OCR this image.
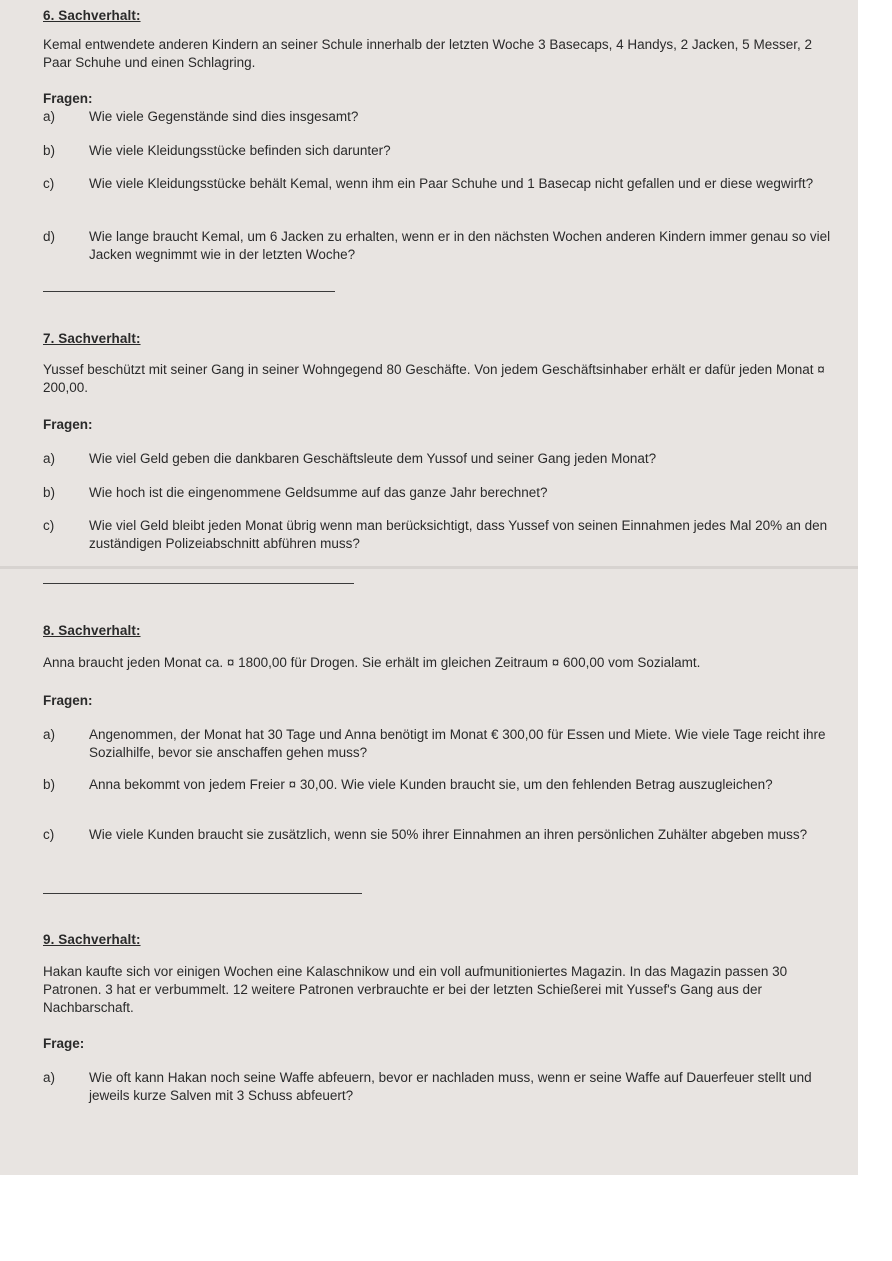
6. Sachverhalt:
Kemal entwendete anderen Kindern an seiner Schule innerhalb der letzten Woche 3 Basecaps, 4 Handys, 2 Jacken, 5 Messer, 2 Paar Schuhe und einen Schlagring.
Fragen:
a)	Wie viele Gegenstände sind dies insgesamt?
b)	Wie viele Kleidungsstücke befinden sich darunter?
c)	Wie viele Kleidungsstücke behält Kemal, wenn ihm ein Paar Schuhe und 1 Basecap nicht gefallen und er diese wegwirft?
d)	Wie lange braucht Kemal, um 6 Jacken zu erhalten, wenn er in den nächsten Wochen anderen Kindern immer genau so viel Jacken wegnimmt wie in der letzten Woche?
7. Sachverhalt:
Yussef beschützt mit seiner Gang in seiner Wohngegend 80 Geschäfte. Von jedem Geschäftsinhaber erhält er dafür jeden Monat ¤ 200,00.
Fragen:
a)	Wie viel Geld geben die dankbaren Geschäftsleute dem Yussof und seiner Gang jeden Monat?
b)	Wie hoch ist die eingenommene Geldsumme auf das ganze Jahr berechnet?
c)	Wie viel Geld bleibt jeden Monat übrig wenn man berücksichtigt, dass Yussef von seinen Einnahmen jedes Mal 20% an den zuständigen Polizeiabschnitt abführen muss?
8. Sachverhalt:
Anna braucht jeden Monat ca. ¤ 1800,00 für Drogen. Sie erhält im gleichen Zeitraum ¤ 600,00 vom Sozialamt.
Fragen:
a)	Angenommen, der Monat hat 30 Tage und Anna benötigt im Monat € 300,00 für Essen und Miete. Wie viele Tage reicht ihre Sozialhilfe, bevor sie anschaffen gehen muss?
b)	Anna bekommt von jedem Freier ¤ 30,00. Wie viele Kunden braucht sie, um den fehlenden Betrag auszugleichen?
c)	Wie viele Kunden braucht sie zusätzlich, wenn sie 50% ihrer Einnahmen an ihren persönlichen Zuhälter abgeben muss?
9. Sachverhalt:
Hakan kaufte sich vor einigen Wochen eine Kalaschnikow und ein voll aufmunitioniertes Magazin. In das Magazin passen 30 Patronen. 3 hat er verbummelt. 12 weitere Patronen verbrauchte er bei der letzten Schießerei mit Yussef's Gang aus der Nachbarschaft.
Frage:
a)	Wie oft kann Hakan noch seine Waffe abfeuern, bevor er nachladen muss, wenn er seine Waffe auf Dauerfeuer stellt und jeweils kurze Salven mit 3 Schuss abfeuert?
